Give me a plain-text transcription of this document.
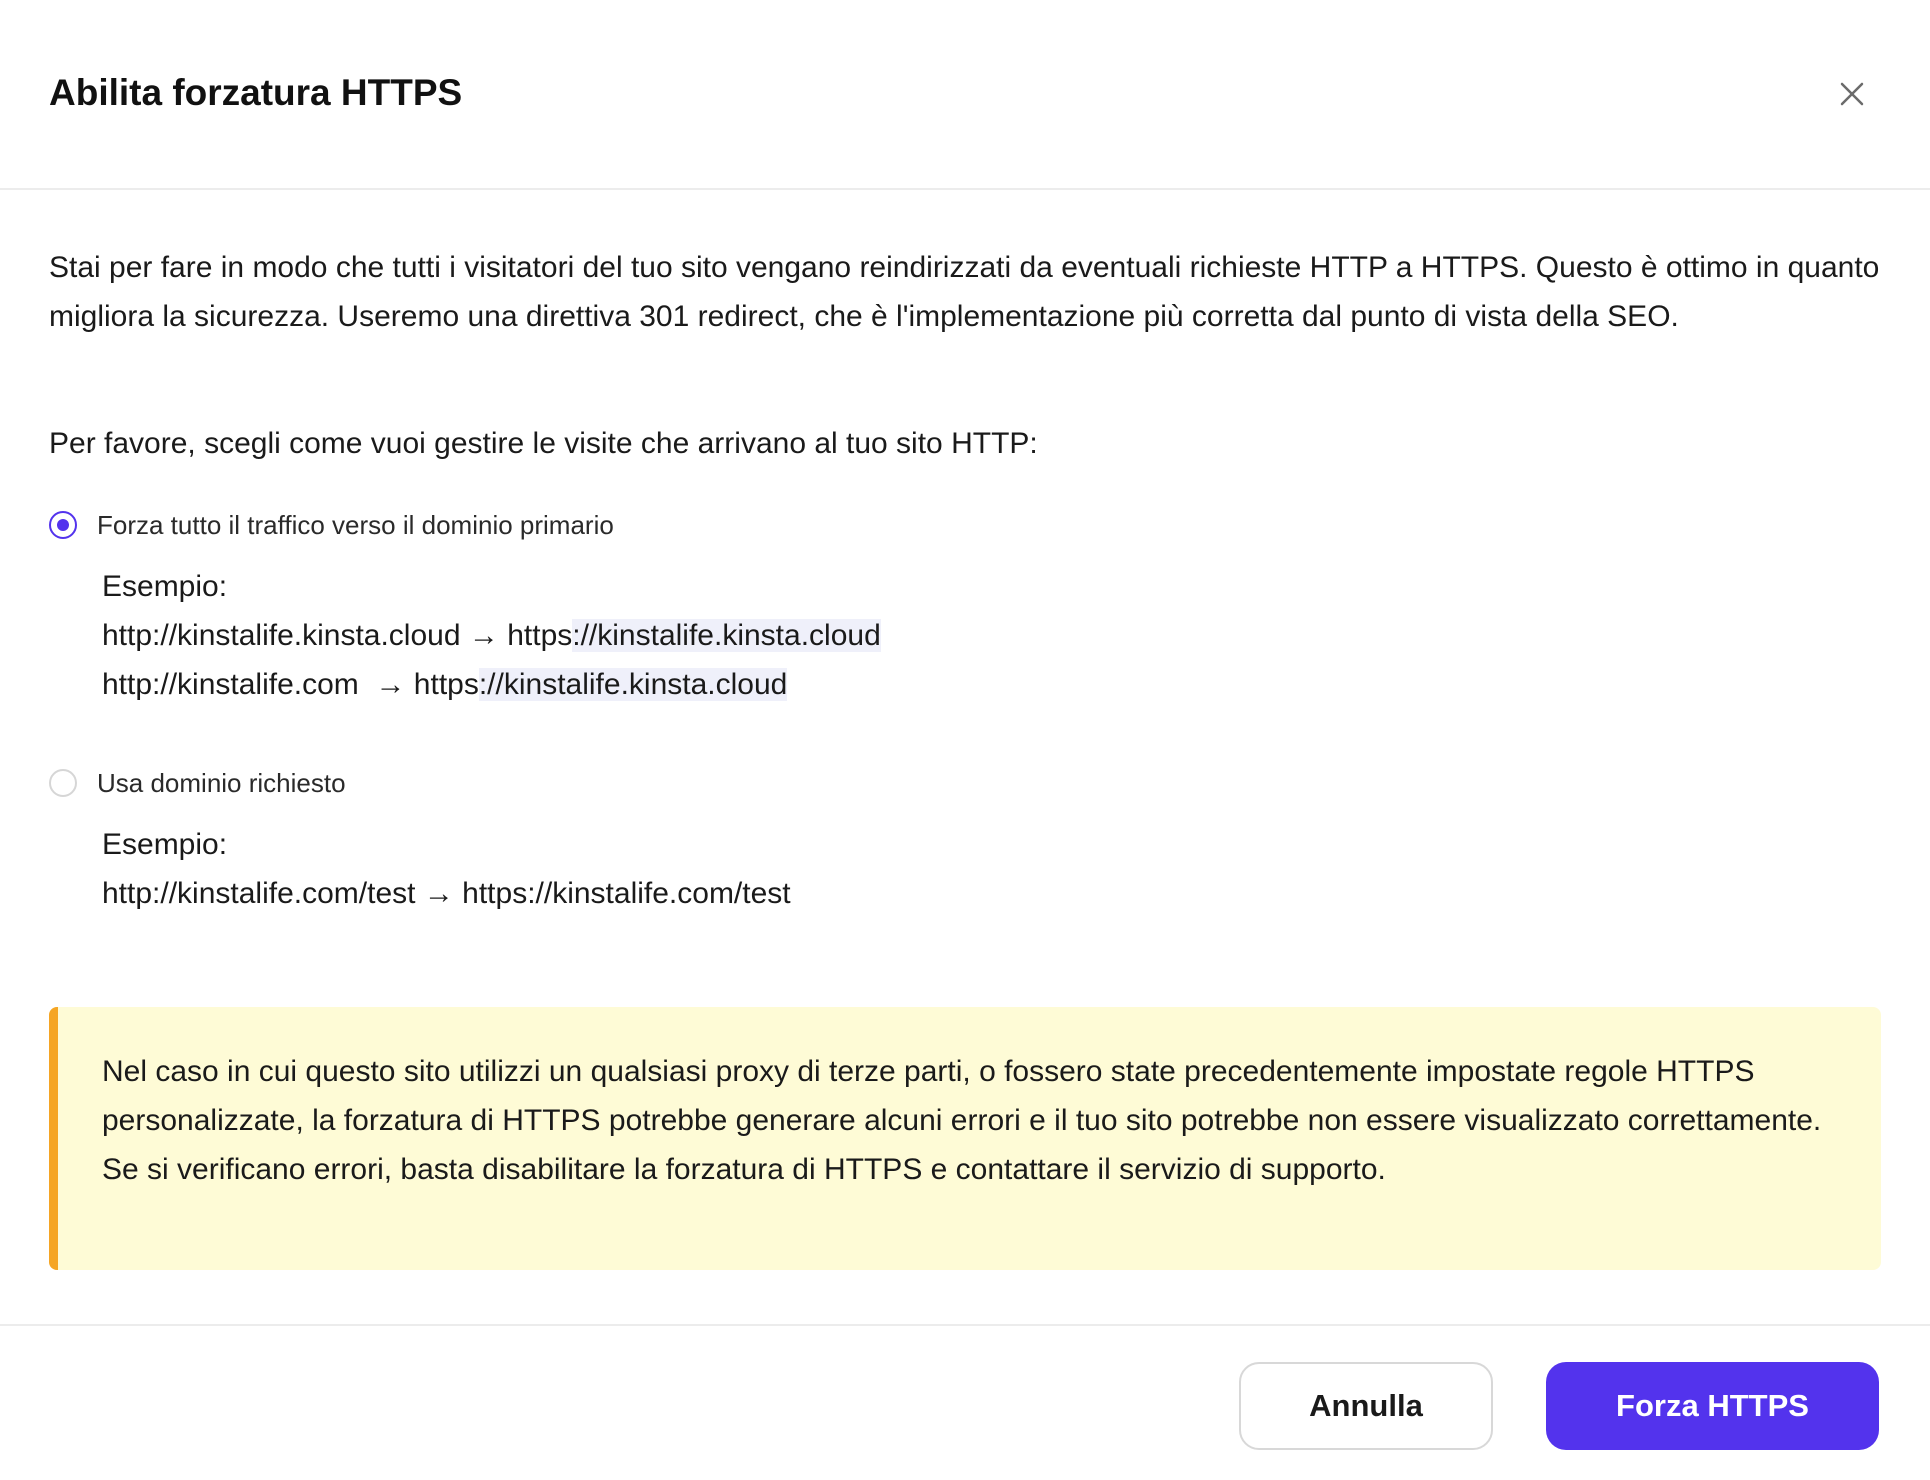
Abilita forzatura HTTPS

Stai per fare in modo che tutti i visitatori del tuo sito vengano reindirizzati da eventuali richieste HTTP a HTTPS. Questo è ottimo in quanto migliora la sicurezza. Useremo una direttiva 301 redirect, che è l'implementazione più corretta dal punto di vista della SEO.

Per favore, scegli come vuoi gestire le visite che arrivano al tuo sito HTTP:

Forza tutto il traffico verso il dominio primario
Esempio:
http://kinstalife.kinsta.cloud → https://kinstalife.kinsta.cloud
http://kinstalife.com  → https://kinstalife.kinsta.cloud
Usa dominio richiesto
Esempio:
http://kinstalife.com/test → https://kinstalife.com/test

Nel caso in cui questo sito utilizzi un qualsiasi proxy di terze parti, o fossero state precedentemente impostate regole HTTPS personalizzate, la forzatura di HTTPS potrebbe generare alcuni errori e il tuo sito potrebbe non essere visualizzato correttamente. Se si verificano errori, basta disabilitare la forzatura di HTTPS e contattare il servizio di supporto.

Annulla	Forza HTTPS
